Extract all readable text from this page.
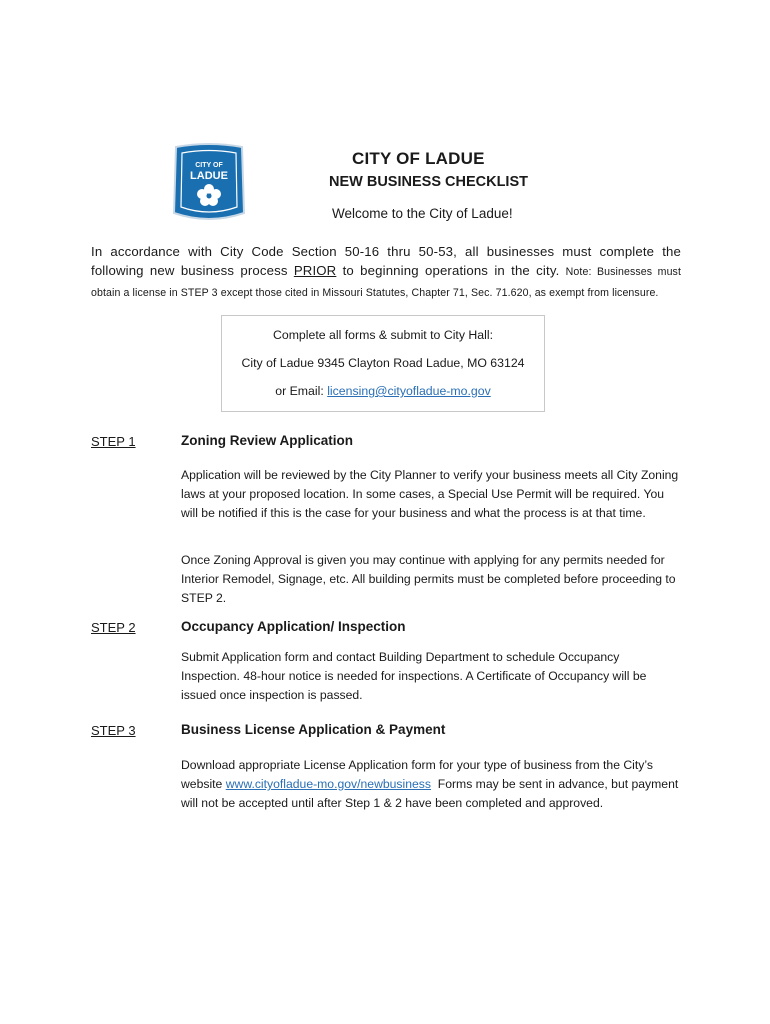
CITY OF
LADUE
CITY OF LADUE
NEW BUSINESS CHECKLIST
Welcome to the City of Ladue!
In accordance with City Code Section 50-16 thru 50-53, all businesses must complete the following new business process PRIOR to beginning operations in the city. Note: Businesses must obtain a license in STEP 3 except those cited in Missouri Statutes, Chapter 71, Sec. 71.620, as exempt from licensure.
Complete all forms & submit to City Hall:
City of Ladue 9345 Clayton Road Ladue, MO 63124
or Email: licensing@cityofladue-mo.gov
STEP 1	Zoning Review Application
Application will be reviewed by the City Planner to verify your business meets all City Zoning laws at your proposed location. In some cases, a Special Use Permit will be required. You will be notified if this is the case for your business and what the process is at that time.
Once Zoning Approval is given you may continue with applying for any permits needed for Interior Remodel, Signage, etc. All building permits must be completed before proceeding to STEP 2.
STEP 2	Occupancy Application/ Inspection
Submit Application form and contact Building Department to schedule Occupancy Inspection. 48-hour notice is needed for inspections. A Certificate of Occupancy will be issued once inspection is passed.
STEP 3	Business License Application & Payment
Download appropriate License Application form for your type of business from the City’s website www.cityofladue-mo.gov/newbusiness  Forms may be sent in advance, but payment will not be accepted until after Step 1 & 2 have been completed and approved.
